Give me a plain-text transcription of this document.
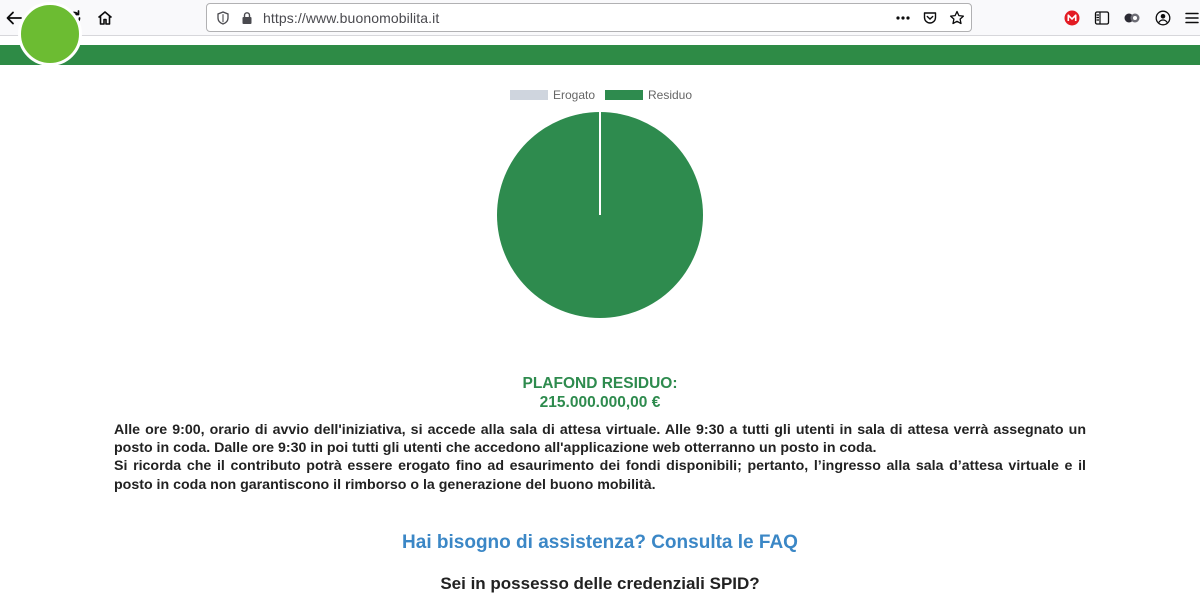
https://www.buonomobilita.it
Erogato	Residuo
PLAFOND RESIDUO:
215.000.000,00 €

Alle ore 9:00, orario di avvio dell'iniziativa, si accede alla sala di attesa virtuale. Alle 9:30 a tutti gli utenti in sala di attesa verrà assegnato un posto in coda. Dalle ore 9:30 in poi tutti gli utenti che accedono all'applicazione web otterranno un posto in coda.

Si ricorda che il contributo potrà essere erogato fino ad esaurimento dei fondi disponibili; pertanto, l’ingresso alla sala d’attesa virtuale e il posto in coda non garantiscono il rimborso o la generazione del buono mobilità.

Hai bisogno di assistenza? Consulta le FAQ
Sei in possesso delle credenziali SPID?
